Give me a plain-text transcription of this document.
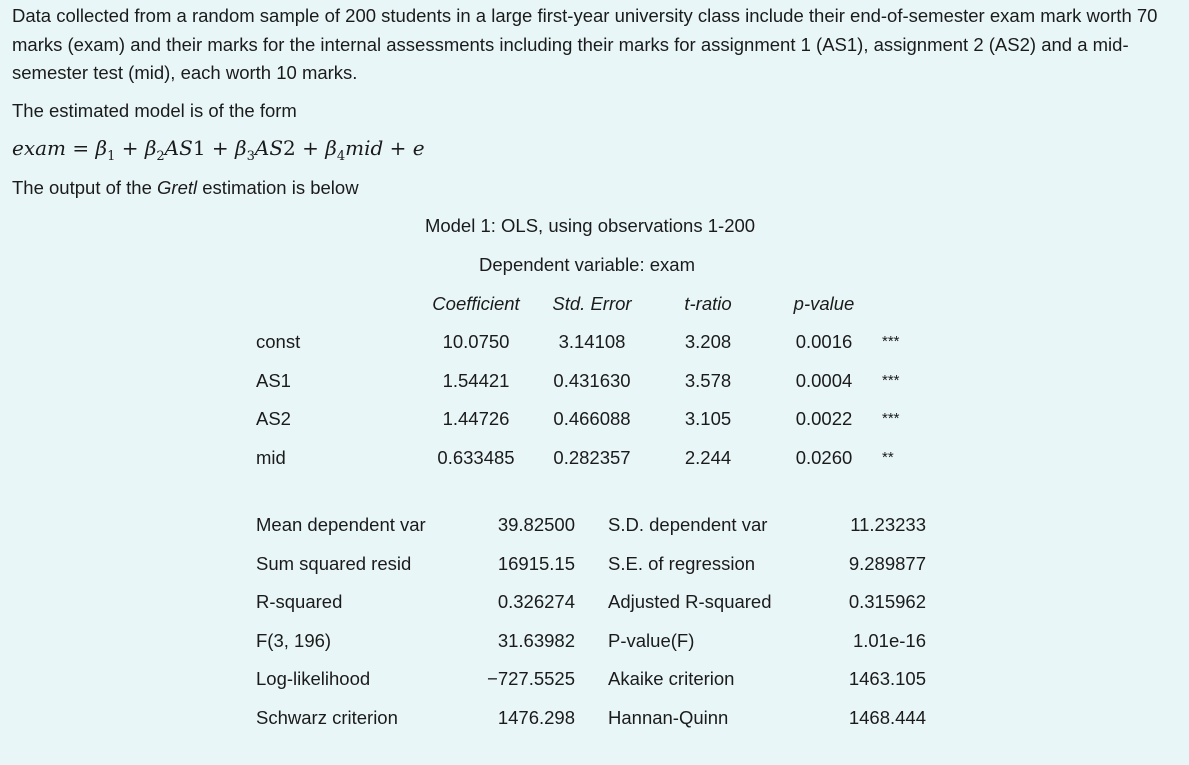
Data collected from a random sample of 200 students in a large first-year university class include their end-of-semester exam mark worth 70 marks (exam) and their marks for the internal assessments including their marks for assignment 1 (AS1), assignment 2 (AS2) and a mid-semester test (mid), each worth 10 marks.

The estimated model is of the form

exam = $\beta_1 + \beta_2AS1 + \beta_3AS2 + \beta_4mid + e$

The output of the Gretl estimation is below

Model 1: OLS, using observations 1-200
Dependent variable: exam
Coefficient Std. Error	t-ratio	p-value
const	10.0750	3.14108	3.208	0.0016 ***
AS1	1.54421 0.431630	3.578	0.0004 ***
AS2	1.44726 0.466088	3.105	0.0022 ***
mid	0.633485 0.282357	2.244	0.0260 **
Mean dependent var	39.82500 S.D. dependent var	11.23233
Sum squared resid	16915.15 S.E. of regression	9.289877
R-squared	0.326274 Adjusted R-squared	0.315962
F(3, 196)	31.63982 P-value(F)	1.01e-16
Log-likelihood	−727.5525 Akaike criterion	1463.105
Schwarz criterion	1476.298 Hannan-Quinn	1468.444
